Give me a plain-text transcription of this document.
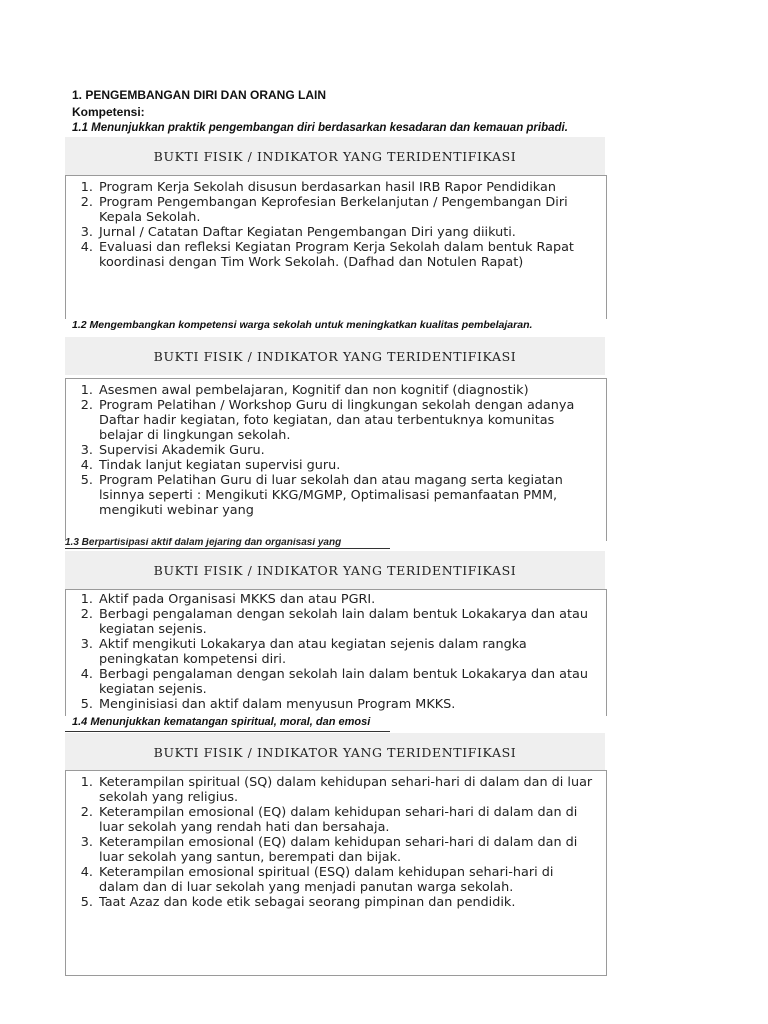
1. PENGEMBANGAN DIRI DAN ORANG LAIN
Kompetensi:
1.1 Menunjukkan praktik pengembangan diri berdasarkan kesadaran dan kemauan pribadi.
BUKTI FISIK / INDIKATOR YANG TERIDENTIFIKASI
1. Program Kerja Sekolah disusun berdasarkan hasil IRB Rapor Pendidikan
2. Program Pengembangan Keprofesian Berkelanjutan / Pengembangan Diri Kepala Sekolah.
3. Jurnal / Catatan Daftar Kegiatan Pengembangan Diri yang diikuti.
4. Evaluasi dan refleksi Kegiatan Program Kerja Sekolah dalam bentuk Rapat koordinasi dengan Tim Work Sekolah. (Dafhad dan Notulen Rapat)
1.2 Mengembangkan kompetensi warga sekolah untuk meningkatkan kualitas pembelajaran.
BUKTI FISIK / INDIKATOR YANG TERIDENTIFIKASI
1. Asesmen awal pembelajaran, Kognitif dan non kognitif (diagnostik)
2. Program Pelatihan / Workshop Guru di lingkungan sekolah dengan adanya Daftar hadir kegiatan, foto kegiatan, dan atau terbentuknya komunitas belajar di lingkungan sekolah.
3. Supervisi Akademik Guru.
4. Tindak lanjut kegiatan supervisi guru.
5. Program Pelatihan Guru di luar sekolah dan atau magang serta kegiatan lsinnya seperti : Mengikuti KKG/MGMP, Optimalisasi pemanfaatan PMM, mengikuti webinar yang
1.3 Berpartisipasi aktif dalam jejaring dan organisasi yang
BUKTI FISIK / INDIKATOR YANG TERIDENTIFIKASI
1. Aktif pada Organisasi MKKS dan atau PGRI.
2. Berbagi pengalaman dengan sekolah lain dalam bentuk Lokakarya dan atau kegiatan sejenis.
3. Aktif mengikuti Lokakarya dan atau kegiatan sejenis dalam rangka peningkatan kompetensi diri.
4. Berbagi pengalaman dengan sekolah lain dalam bentuk Lokakarya dan atau kegiatan sejenis.
5. Menginisiasi dan aktif dalam menyusun Program MKKS.
1.4 Menunjukkan kematangan spiritual, moral, dan emosi
BUKTI FISIK / INDIKATOR YANG TERIDENTIFIKASI
1. Keterampilan spiritual (SQ) dalam kehidupan sehari-hari di dalam dan di luar sekolah yang religius.
2. Keterampilan emosional (EQ) dalam kehidupan sehari-hari di dalam dan di luar sekolah yang rendah hati dan bersahaja.
3. Keterampilan emosional (EQ) dalam kehidupan sehari-hari di dalam dan di luar sekolah yang santun, berempati dan bijak.
4. Keterampilan emosional spiritual (ESQ) dalam kehidupan sehari-hari di dalam dan di luar sekolah yang menjadi panutan warga sekolah.
5. Taat Azaz dan kode etik sebagai seorang pimpinan dan pendidik.
